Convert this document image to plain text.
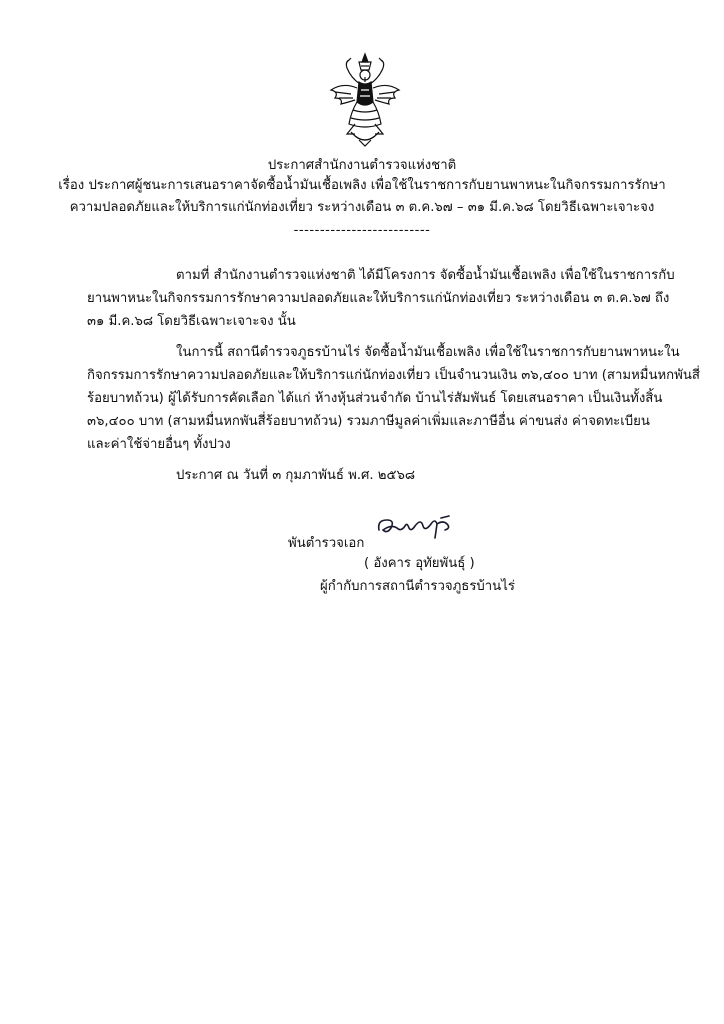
ประกาศสำนักงานตำรวจแห่งชาติ
เรื่อง ประกาศผู้ชนะการเสนอราคาจัดซื้อน้ำมันเชื้อเพลิง เพื่อใช้ในราชการกับยานพาหนะในกิจกรรมการรักษา
ความปลอดภัยและให้บริการแก่นักท่องเที่ยว ระหว่างเดือน ๓ ต.ค.๖๗ – ๓๑ มี.ค.๖๘ โดยวิธีเฉพาะเจาะจง
--------------------------
ตามที่ สำนักงานตำรวจแห่งชาติ ได้มีโครงการ จัดซื้อน้ำมันเชื้อเพลิง เพื่อใช้ในราชการกับ
ยานพาหนะในกิจกรรมการรักษาความปลอดภัยและให้บริการแก่นักท่องเที่ยว ระหว่างเดือน ๓ ต.ค.๖๗ ถึง
๓๑ มี.ค.๖๘ โดยวิธีเฉพาะเจาะจง นั้น
ในการนี้ สถานีตำรวจภูธรบ้านไร่ จัดซื้อน้ำมันเชื้อเพลิง เพื่อใช้ในราชการกับยานพาหนะใน
กิจกรรมการรักษาความปลอดภัยและให้บริการแก่นักท่องเที่ยว เป็นจำนวนเงิน ๓๖,๔๐๐ บาท (สามหมื่นหกพันสี่
ร้อยบาทถ้วน) ผู้ได้รับการคัดเลือก ได้แก่ ห้างหุ้นส่วนจำกัด บ้านไร่สัมพันธ์ โดยเสนอราคา เป็นเงินทั้งสิ้น
๓๖,๔๐๐ บาท (สามหมื่นหกพันสี่ร้อยบาทถ้วน) รวมภาษีมูลค่าเพิ่มและภาษีอื่น ค่าขนส่ง ค่าจดทะเบียน
และค่าใช้จ่ายอื่นๆ ทั้งปวง
ประกาศ ณ วันที่ ๓ กุมภาพันธ์ พ.ศ. ๒๕๖๘
พันตำรวจเอก
( อังคาร อุทัยพันธุ์ )
ผู้กำกับการสถานีตำรวจภูธรบ้านไร่
